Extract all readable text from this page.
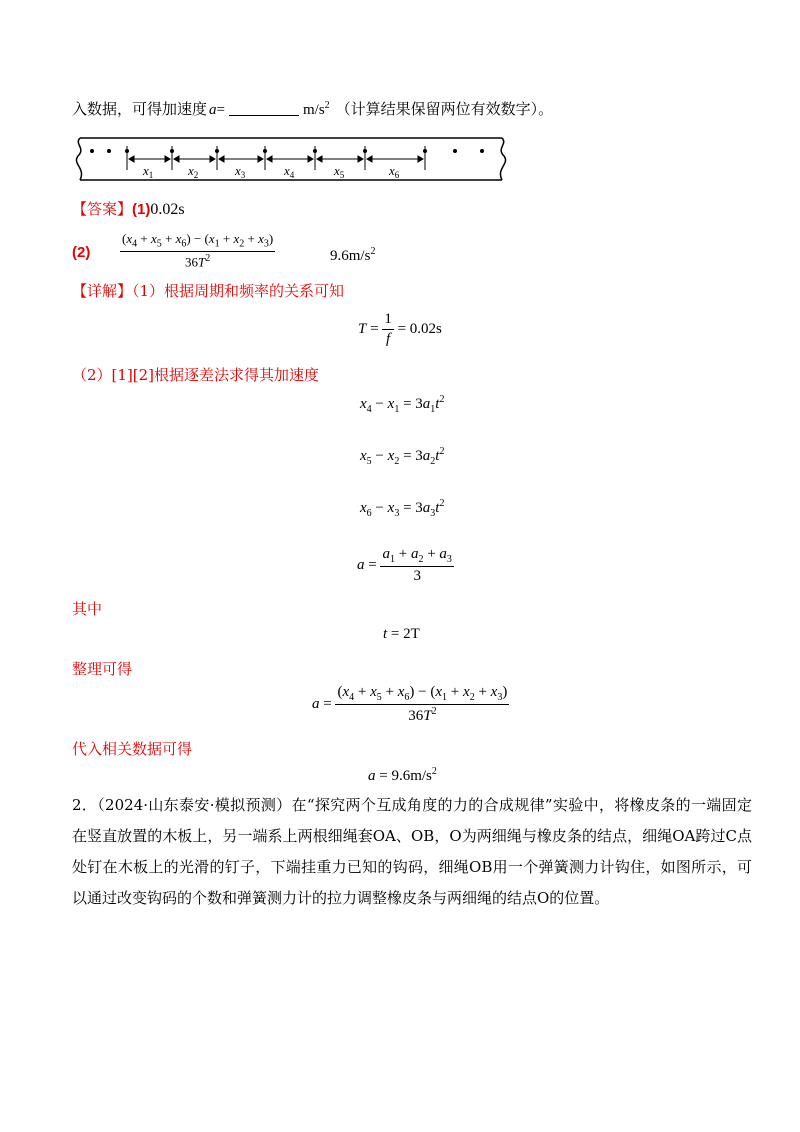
入数据，可得加速度 a=	$m/s^2$ （计算结果保留两位有效数字）。
$x_1$	$x_2$	$x_3$	$x_4$	$x_5$	$x_6$
【答案】(1)0.02s
$(2) \frac{(x_4 + x_5 + x_6) - (x_1 + x_2 + x_3)}{36T^2}$	$9.6m/s^2$
【详解】（1）根据周期和频率的关系可知
$T = \frac{1}{f} = 0.02s$
（2）[1][2]根据逐差法求得其加速度
$x_4 - x_1 = 3a_1t^2$
$x_5 - x_2 = 3a_2t^2$
$x_6 - x_3 = 3a_3t^2$
$a = \frac{a_1 + a_2 + a_3}{3}$
其中
t = 2T
整理可得
$a = \frac{(x_4 + x_5 + x_6) - (x_1 + x_2 + x_3)}{36T^2}$
代入相关数据可得
$a = 9.6m/s^2$
2．（2024·山东泰安·模拟预测）在“探究两个互成角度的力的合成规律”实验中，将橡皮条的一端固定在竖直放置的木板上，另一端系上两根细绳套OA、OB，O为两细绳与橡皮条的结点，细绳OA跨过C点处钉在木板上的光滑的钉子，下端挂重力已知的钩码，细绳OB用一个弹簧测力计钩住，如图所示，可以通过改变钩码的个数和弹簧测力计的拉力调整橡皮条与两细绳的结点O的位置。
